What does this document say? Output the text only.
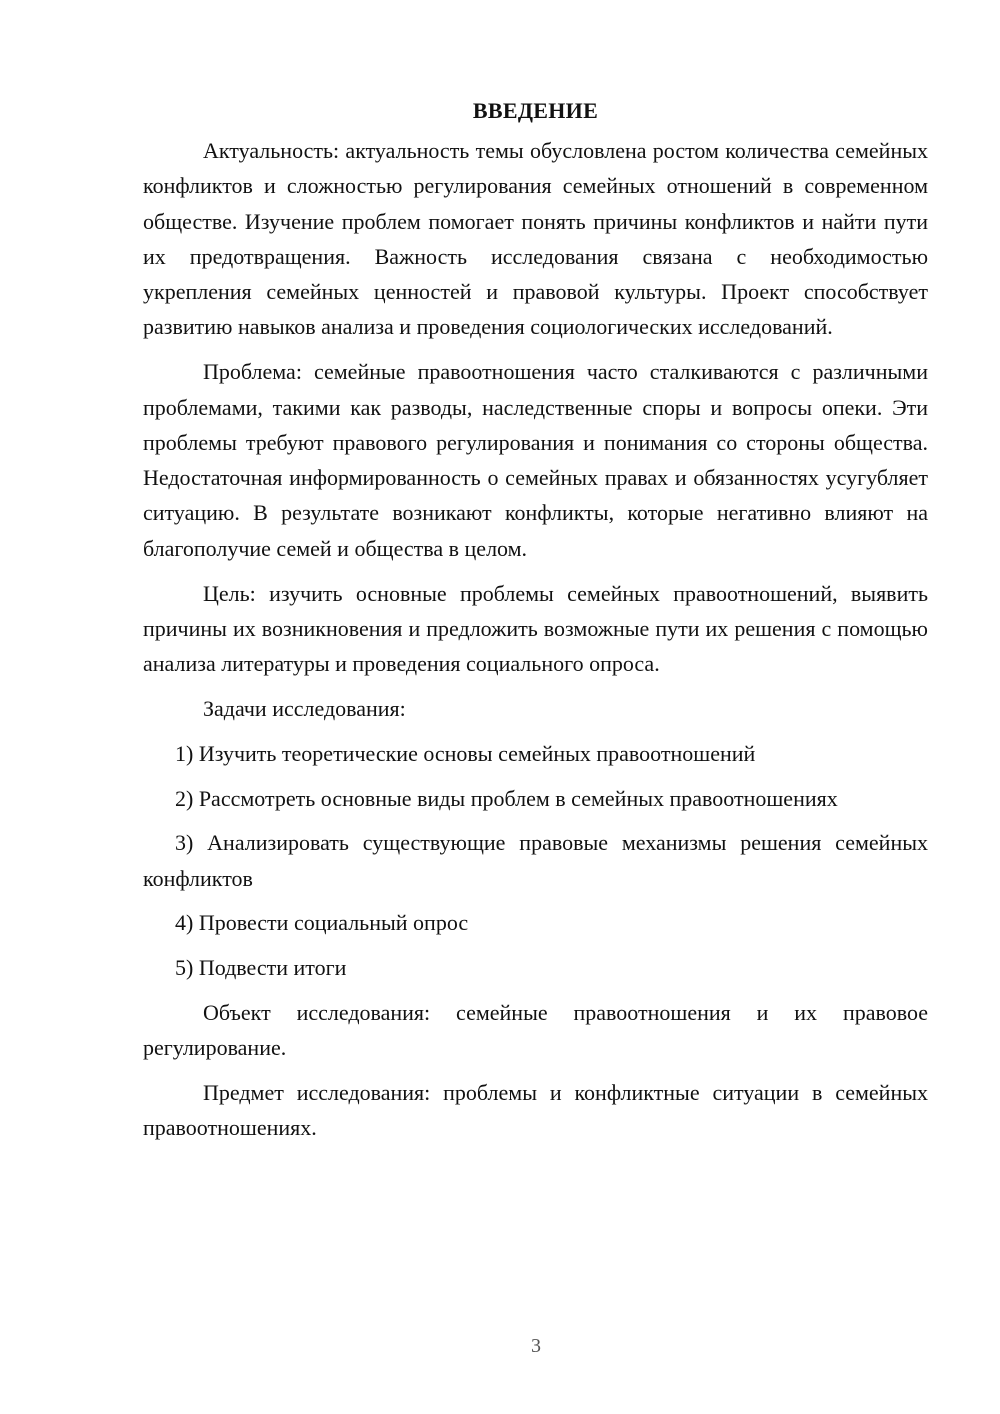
ВВЕДЕНИЕ

Актуальность: актуальность темы обусловлена ростом количества семейных конфликтов и сложностью регулирования семейных отношений в современном обществе. Изучение проблем помогает понять причины конфликтов и найти пути их предотвращения. Важность исследования связана с необходимостью укрепления семейных ценностей и правовой культуры. Проект способствует развитию навыков анализа и проведения социологических исследований.

Проблема: семейные правоотношения часто сталкиваются с различными проблемами, такими как разводы, наследственные споры и вопросы опеки. Эти проблемы требуют правового регулирования и понимания со стороны общества. Недостаточная информированность о семейных правах и обязанностях усугубляет ситуацию. В результате возникают конфликты, которые негативно влияют на благополучие семей и общества в целом.

Цель: изучить основные проблемы семейных правоотношений, выявить причины их возникновения и предложить возможные пути их решения с помощью анализа литературы и проведения социального опроса.

Задачи исследования:

1) Изучить теоретические основы семейных правоотношений

2) Рассмотреть основные виды проблем в семейных правоотношениях

3) Анализировать существующие правовые механизмы решения семейных конфликтов

4) Провести социальный опрос

5) Подвести итоги

Объект исследования: семейные правоотношения и их правовое регулирование.

Предмет исследования: проблемы и конфликтные ситуации в семейных правоотношениях.

3
